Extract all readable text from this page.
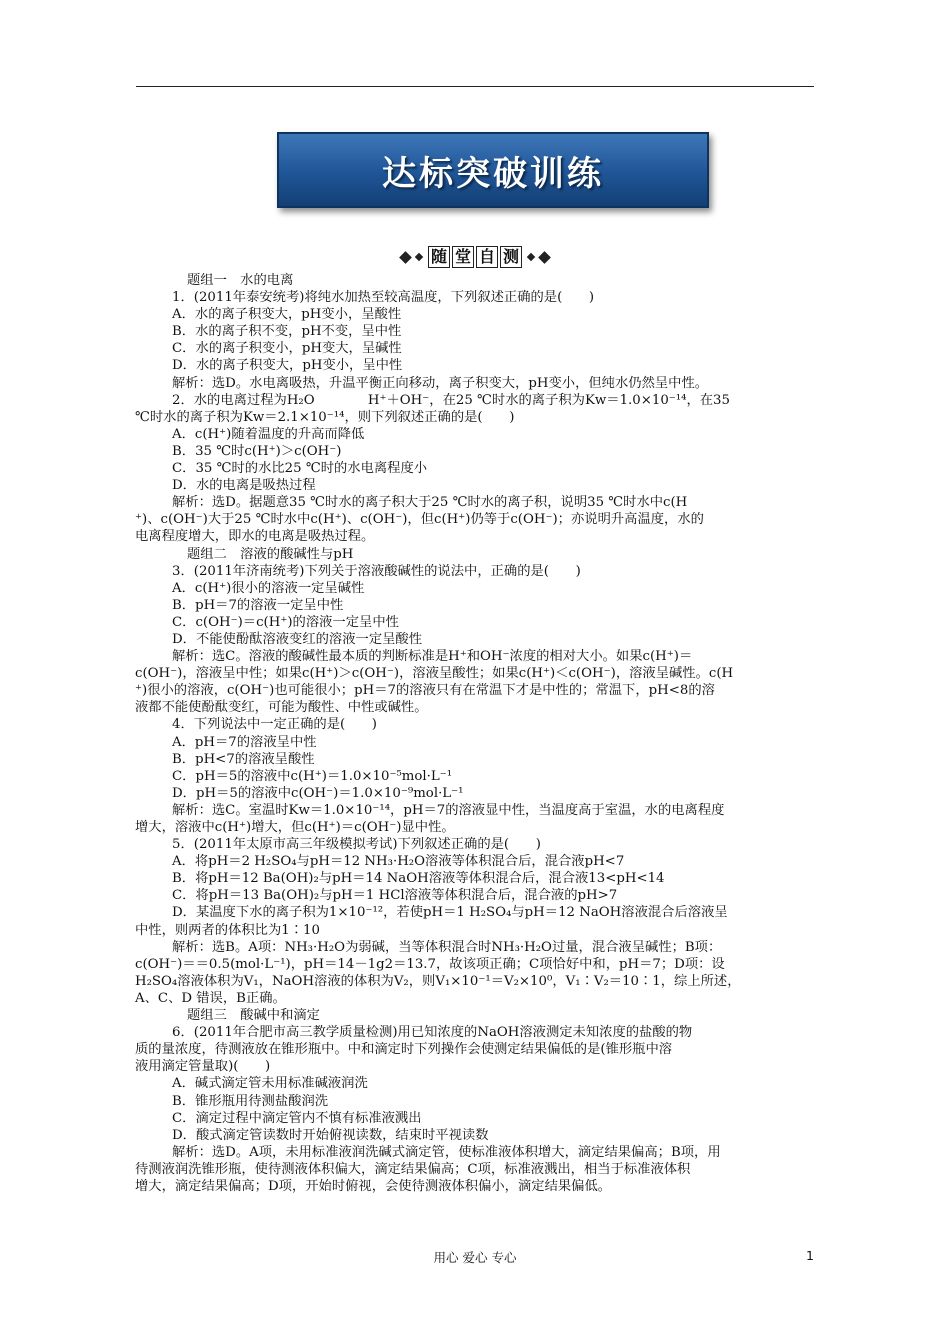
达标突破训练
随 堂 自 测

题组一　水的电离

1．(2011年泰安统考)将纯水加热至较高温度，下列叙述正确的是(　　)

A．水的离子积变大，pH变小，呈酸性

B．水的离子积不变，pH不变，呈中性

C．水的离子积变小，pH变大，呈碱性

D．水的离子积变大，pH变小，呈中性

解析：选D。水电离吸热，升温平衡正向移动，离子积变大，pH变小，但纯水仍然呈中性。

2．水的电离过程为H₂O　　　　H⁺＋OH⁻，在25 ℃时水的离子积为Kw＝1.0×10⁻¹⁴，在35

℃时水的离子积为Kw＝2.1×10⁻¹⁴，则下列叙述正确的是(　　)

A．c(H⁺)随着温度的升高而降低

B．35 ℃时c(H⁺)＞c(OH⁻)

C．35 ℃时的水比25 ℃时的水电离程度小

D．水的电离是吸热过程

解析：选D。据题意35 ℃时水的离子积大于25 ℃时水的离子积，说明35 ℃时水中c(H

⁺)、c(OH⁻)大于25 ℃时水中c(H⁺)、c(OH⁻)，但c(H⁺)仍等于c(OH⁻)；亦说明升高温度，水的

电离程度增大，即水的电离是吸热过程。

题组二　溶液的酸碱性与pH

3．(2011年济南统考)下列关于溶液酸碱性的说法中，正确的是(　　)

A．c(H⁺)很小的溶液一定呈碱性

B．pH＝7的溶液一定呈中性

C．c(OH⁻)＝c(H⁺)的溶液一定呈中性

D．不能使酚酞溶液变红的溶液一定呈酸性

解析：选C。溶液的酸碱性最本质的判断标准是H⁺和OH⁻浓度的相对大小。如果c(H⁺)＝

c(OH⁻)，溶液呈中性；如果c(H⁺)＞c(OH⁻)，溶液呈酸性；如果c(H⁺)＜c(OH⁻)，溶液呈碱性。c(H

⁺)很小的溶液，c(OH⁻)也可能很小；pH＝7的溶液只有在常温下才是中性的；常温下，pH<8的溶

液都不能使酚酞变红，可能为酸性、中性或碱性。

4．下列说法中一定正确的是(　　)

A．pH＝7的溶液呈中性

B．pH<7的溶液呈酸性

C．pH＝5的溶液中c(H⁺)＝1.0×10⁻⁵mol·L⁻¹

D．pH＝5的溶液中c(OH⁻)＝1.0×10⁻⁹mol·L⁻¹

解析：选C。室温时Kw＝1.0×10⁻¹⁴，pH＝7的溶液显中性，当温度高于室温，水的电离程度

增大，溶液中c(H⁺)增大，但c(H⁺)＝c(OH⁻)显中性。

5．(2011年太原市高三年级模拟考试)下列叙述正确的是(　　)

A．将pH＝2 H₂SO₄与pH＝12 NH₃·H₂O溶液等体积混合后，混合液pH<7

B．将pH＝12 Ba(OH)₂与pH＝14 NaOH溶液等体积混合后，混合液13<pH<14

C．将pH＝13 Ba(OH)₂与pH＝1 HCl溶液等体积混合后，混合液的pH>7

D．某温度下水的离子积为1×10⁻¹²，若使pH＝1 H₂SO₄与pH＝12 NaOH溶液混合后溶液呈

中性，则两者的体积比为1∶10

解析：选B。A项：NH₃·H₂O为弱碱，当等体积混合时NH₃·H₂O过量，混合液呈碱性；B项：

c(OH⁻)＝＝0.5(mol·L⁻¹)，pH＝14－1g2＝13.7，故该项正确；C项恰好中和，pH＝7；D项：设

H₂SO₄溶液体积为V₁，NaOH溶液的体积为V₂，则V₁×10⁻¹＝V₂×10⁰，V₁∶V₂＝10∶1，综上所述，

A、C、D 错误，B正确。

题组三　酸碱中和滴定

6．(2011年合肥市高三教学质量检测)用已知浓度的NaOH溶液测定未知浓度的盐酸的物

质的量浓度，待测液放在锥形瓶中。中和滴定时下列操作会使测定结果偏低的是(锥形瓶中溶

液用滴定管量取)(　　)

A．碱式滴定管未用标准碱液润洗

B．锥形瓶用待测盐酸润洗

C．滴定过程中滴定管内不慎有标准液溅出

D．酸式滴定管读数时开始俯视读数，结束时平视读数

解析：选D。A项，未用标准液润洗碱式滴定管，使标准液体积增大，滴定结果偏高；B项，用

待测液润洗锥形瓶，使待测液体积偏大，滴定结果偏高；C项，标准液溅出，相当于标准液体积

增大，滴定结果偏高；D项，开始时俯视，会使待测液体积偏小，滴定结果偏低。

用心 爱心 专心	1
